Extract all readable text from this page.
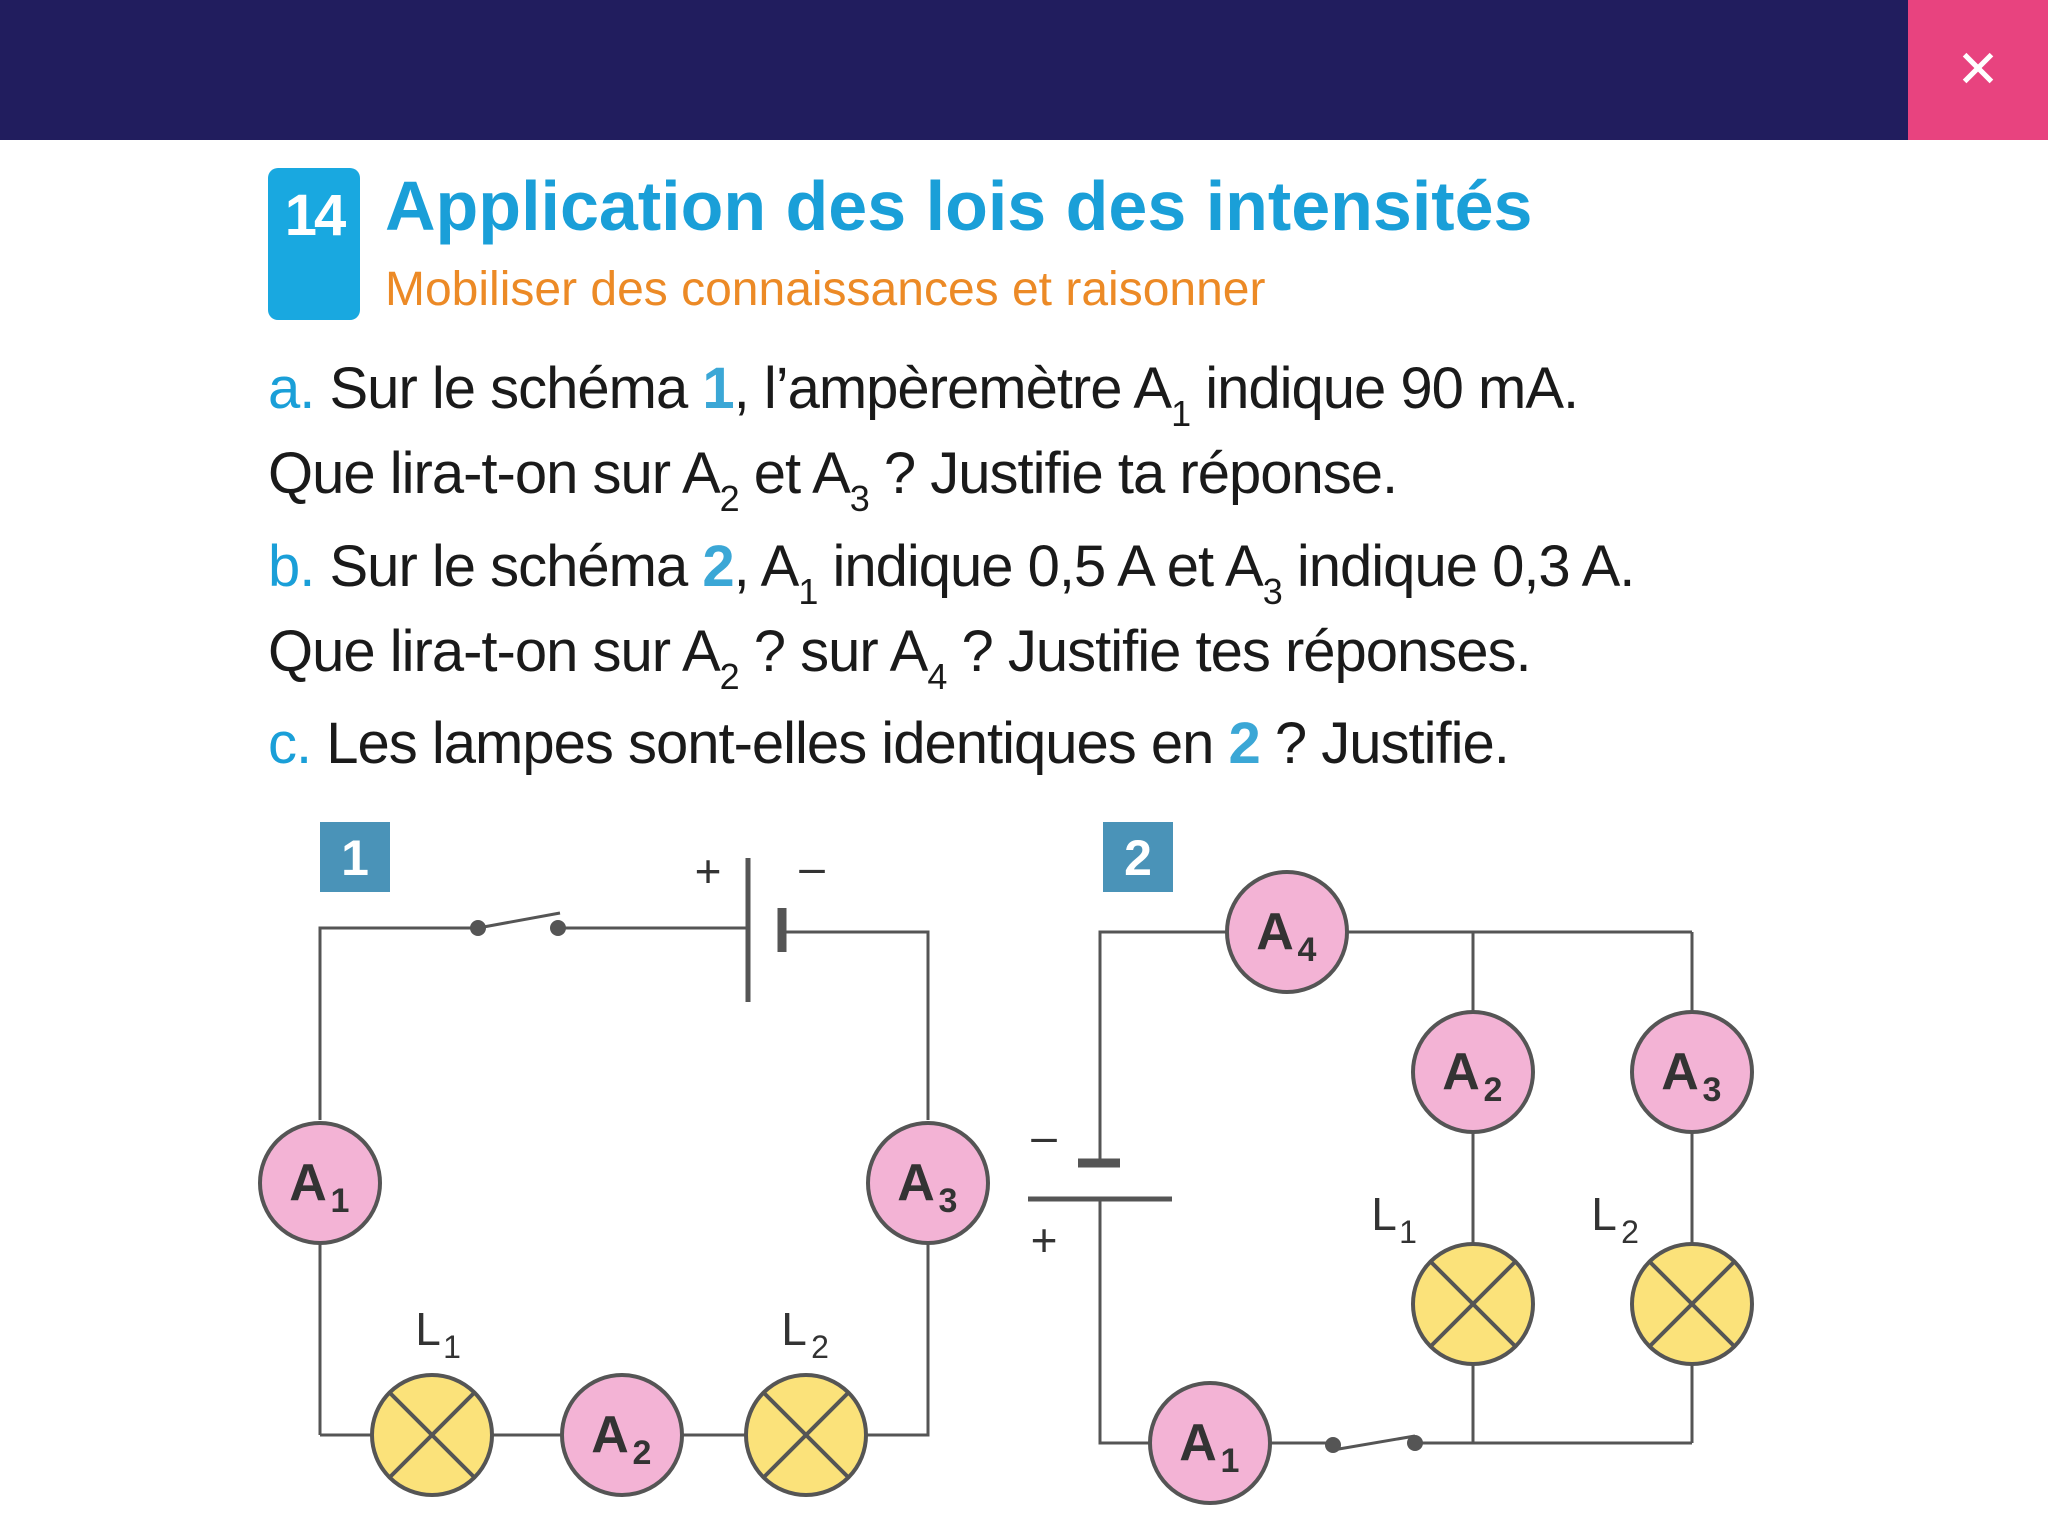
✕
14 Application des lois des intensités
Mobiliser des connaissances et raisonner
a. Sur le schéma 1, l’ampèremètre $A_1$ indique 90 mA.
Que lira-t-on sur $A_2$ et $A_3$ ? Justifie ta réponse.
b. Sur le schéma 2, $A_1$ indique 0,5 A et $A_3$ indique 0,3 A.
Que lira-t-on sur $A_2$ ? sur $A_4$ ? Justifie tes réponses.
c. Les lampes sont-elles identiques en 2 ? Justifie.
1	+ –
A 1	A 3
A 2
L 1	L 2
2
–
+
A 4
A 2	A 3
A 1
L 1	L 2
